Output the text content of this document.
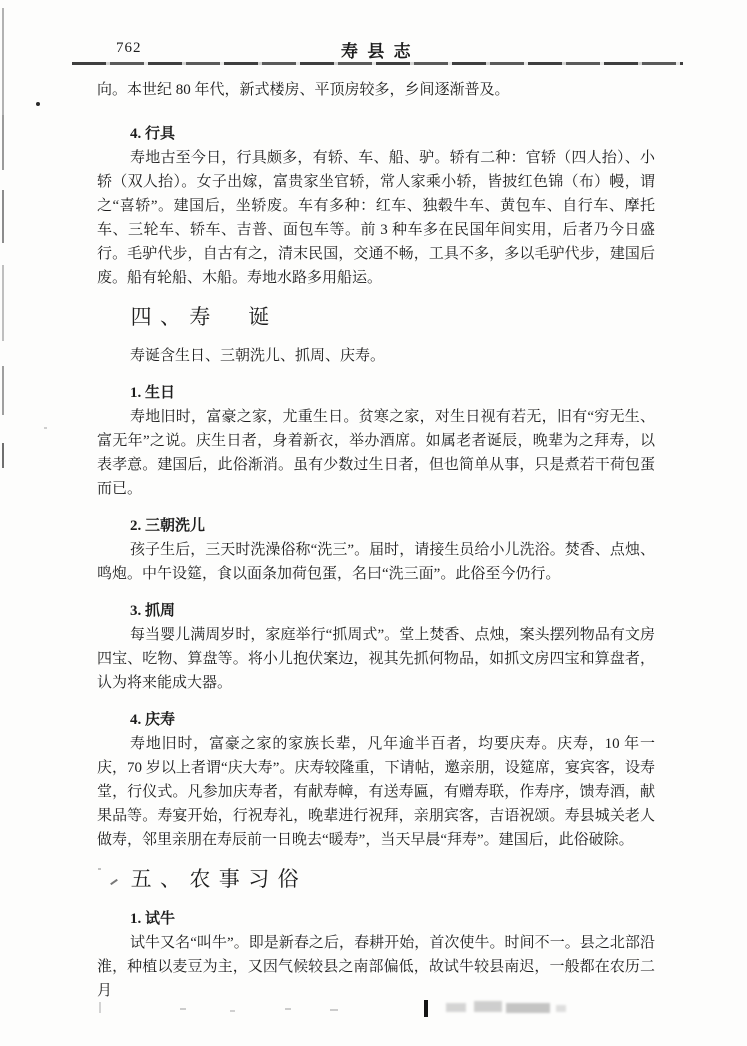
762	寿县志
向。本世纪 80 年代，新式楼房、平顶房较多，乡间逐渐普及。
4. 行具
寿地古至今日，行具颇多，有轿、车、船、驴。轿有二种：官轿（四人抬）、小轿（双人抬）。女子出嫁，富贵家坐官轿，常人家乘小轿，皆披红色锦（布）幔，谓之“喜轿”。建国后，坐轿废。车有多种：红车、独毂牛车、黄包车、自行车、摩托车、三轮车、轿车、吉普、面包车等。前 3 种车多在民国年间实用，后者乃今日盛行。毛驴代步，自古有之，清末民国，交通不畅，工具不多，多以毛驴代步，建国后废。船有轮船、木船。寿地水路多用船运。
四、寿　诞
寿诞含生日、三朝洗儿、抓周、庆寿。
1. 生日
寿地旧时，富豪之家，尤重生日。贫寒之家，对生日视有若无，旧有“穷无生、富无年”之说。庆生日者，身着新衣，举办酒席。如属老者诞辰，晚辈为之拜寿，以表孝意。建国后，此俗渐消。虽有少数过生日者，但也简单从事，只是煮若干荷包蛋而已。
2. 三朝洗儿
孩子生后，三天时洗澡俗称“洗三”。届时，请接生员给小儿洗浴。焚香、点烛、鸣炮。中午设筵，食以面条加荷包蛋，名曰“洗三面”。此俗至今仍行。
3. 抓周
每当婴儿满周岁时，家庭举行“抓周式”。堂上焚香、点烛，案头摆列物品有文房四宝、吃物、算盘等。将小儿抱伏案边，视其先抓何物品，如抓文房四宝和算盘者，认为将来能成大器。
4. 庆寿
寿地旧时，富豪之家的家族长辈，凡年逾半百者，均要庆寿。庆寿，10 年一庆，70 岁以上者谓“庆大寿”。庆寿较隆重，下请帖，邀亲朋，设筵席，宴宾客，设寿堂，行仪式。凡参加庆寿者，有献寿幛，有送寿匾，有赠寿联，作寿序，馈寿酒，献果品等。寿宴开始，行祝寿礼，晚辈进行祝拜，亲朋宾客，吉语祝颂。寿县城关老人做寿，邻里亲朋在寿辰前一日晚去“暖寿”，当天早晨“拜寿”。建国后，此俗破除。
五、农事习俗
1. 试牛
试牛又名“叫牛”。即是新春之后，春耕开始，首次使牛。时间不一。县之北部沿淮，种植以麦豆为主，又因气候较县之南部偏低，故试牛较县南迟，一般都在农历二月
